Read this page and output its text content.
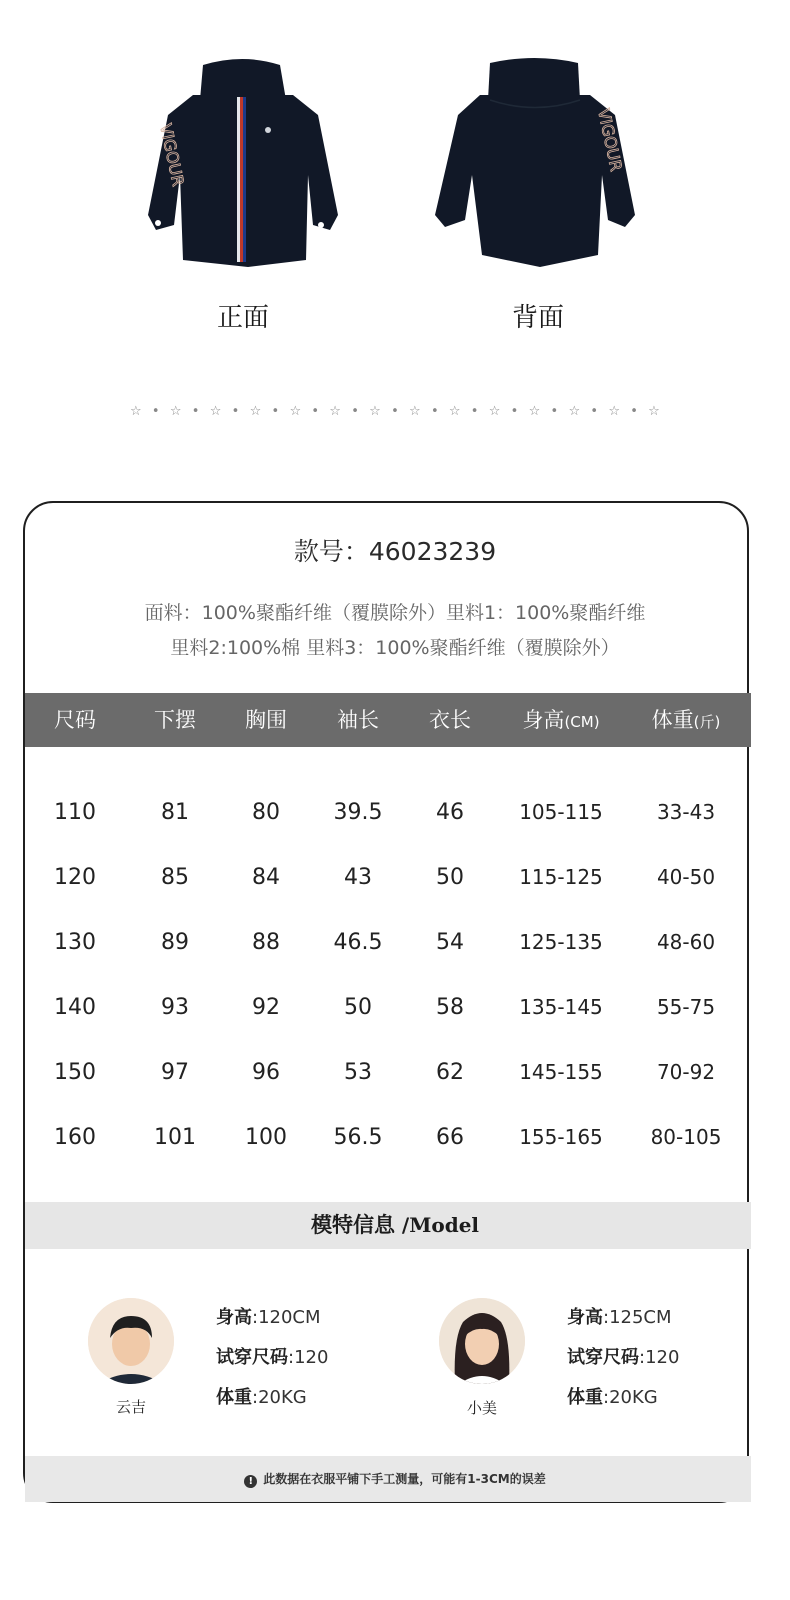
VIGOUR	VIGOUR
正面	背面
☆ • ☆ • ☆ • ☆ • ☆ • ☆ • ☆ • ☆ • ☆ • ☆ • ☆ • ☆ • ☆ • ☆
款号：46023239
面料：100%聚酯纤维（覆膜除外）里料1：100%聚酯纤维
里料2:100%棉 里料3：100%聚酯纤维（覆膜除外）
尺码	下摆 胸围 袖长 衣长 身高(CM) 体重(斤)
110	81	80 39.5 46	105-115	33-43
120	85	84	43	50	115-125	40-50
130	89	88 46.5 54	125-135	48-60
140	93	92	50	58	135-145	55-75
150	97	96	53	62	145-155	70-92
160	101 100 56.5 66	155-165 80-105
模特信息 /Model
云吉
身高:120CM
试穿尺码:120
体重:20KG	小美
身高:125CM
试穿尺码:120
体重:20KG
! 此数据在衣服平铺下手工测量，可能有1-3CM的误差
